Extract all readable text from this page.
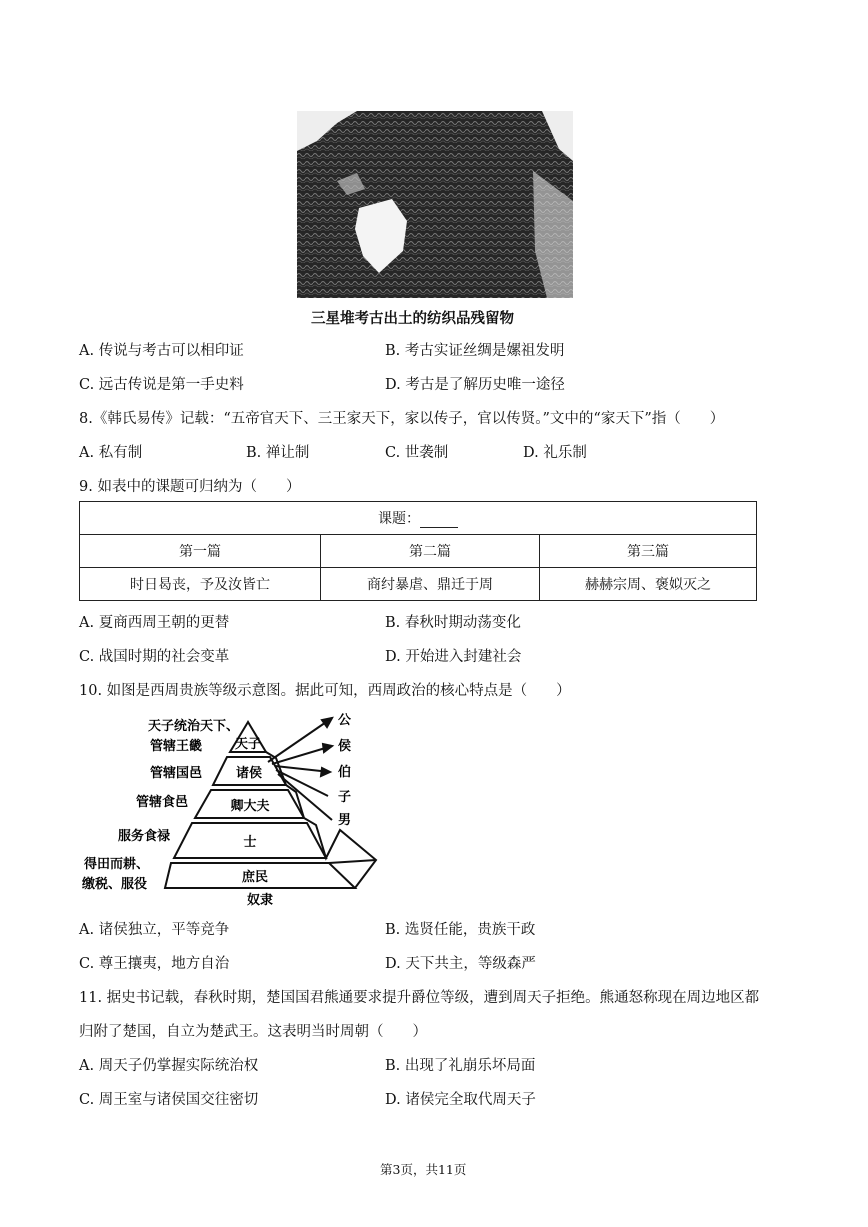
三星堆考古出土的纺织品残留物
A. 传说与考古可以相印证	B. 考古实证丝绸是嫘祖发明
C. 远古传说是第一手史料	D. 考古是了解历史唯一途径
8.《韩氏易传》记载：“五帝官天下、三王家天下，家以传子，官以传贤。”文中的“家天下”指（　　）
A. 私有制	B. 禅让制	C. 世袭制	D. 礼乐制
9. 如表中的课题可归纳为（　　）
课题：		
第一篇	第二篇	第三篇
时日曷丧，予及汝皆亡	商纣暴虐、鼎迁于周	赫赫宗周、褒姒灭之
A. 夏商西周王朝的更替	B. 春秋时期动荡变化
C. 战国时期的社会变革	D. 开始进入封建社会
10. 如图是西周贵族等级示意图。据此可知，西周政治的核心特点是（　　）
天子
诸侯
卿大夫
士
庶民
奴隶
天子统治天下、
管辖王畿
管辖国邑
管辖食邑
服务食禄
得田而耕、
缴税、服役
公
侯
伯
子
男
A. 诸侯独立，平等竞争	B. 选贤任能，贵族干政
C. 尊王攘夷，地方自治	D. 天下共主，等级森严
11. 据史书记载，春秋时期，楚国国君熊通要求提升爵位等级，遭到周天子拒绝。熊通怒称现在周边地区都
归附了楚国，自立为楚武王。这表明当时周朝（　　）
A. 周天子仍掌握实际统治权	B. 出现了礼崩乐坏局面
C. 周王室与诸侯国交往密切	D. 诸侯完全取代周天子
第3页，共11页
